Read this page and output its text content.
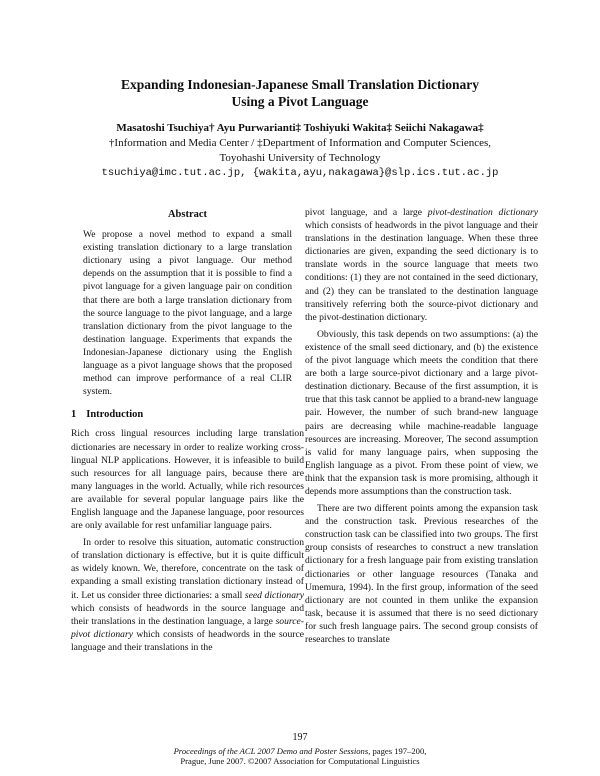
Expanding Indonesian-Japanese Small Translation Dictionary
Using a Pivot Language
Masatoshi Tsuchiya† Ayu Purwarianti‡ Toshiyuki Wakita‡ Seiichi Nakagawa‡
†Information and Media Center / ‡Department of Information and Computer Sciences,
Toyohashi University of Technology
tsuchiya@imc.tut.ac.jp, {wakita,ayu,nakagawa}@slp.ics.tut.ac.jp
Abstract

We propose a novel method to expand a small existing translation dictionary to a large translation dictionary using a pivot language. Our method depends on the assumption that it is possible to find a pivot language for a given language pair on condition that there are both a large translation dictionary from the source language to the pivot language, and a large translation dictionary from the pivot language to the destination language. Experiments that expands the Indonesian-Japanese dictionary using the English language as a pivot language shows that the proposed method can improve performance of a real CLIR system.

1 Introduction

Rich cross lingual resources including large translation dictionaries are necessary in order to realize working cross-lingual NLP applications. However, it is infeasible to build such resources for all language pairs, because there are many languages in the world. Actually, while rich resources are available for several popular language pairs like the English language and the Japanese language, poor resources are only available for rest unfamiliar language pairs.

In order to resolve this situation, automatic construction of translation dictionary is effective, but it is quite difficult as widely known. We, therefore, concentrate on the task of expanding a small existing translation dictionary instead of it. Let us consider three dictionaries: a small seed dictionary which consists of headwords in the source language and their translations in the destination language, a large source-pivot dictionary which consists of headwords in the source language and their translations in the

pivot language, and a large pivot-destination dictionary which consists of headwords in the pivot language and their translations in the destination language. When these three dictionaries are given, expanding the seed dictionary is to translate words in the source language that meets two conditions: (1) they are not contained in the seed dictionary, and (2) they can be translated to the destination language transitively referring both the source-pivot dictionary and the pivot-destination dictionary.

Obviously, this task depends on two assumptions: (a) the existence of the small seed dictionary, and (b) the existence of the pivot language which meets the condition that there are both a large source-pivot dictionary and a large pivot-destination dictionary. Because of the first assumption, it is true that this task cannot be applied to a brand-new language pair. However, the number of such brand-new language pairs are decreasing while machine-readable language resources are increasing. Moreover, The second assumption is valid for many language pairs, when supposing the English language as a pivot. From these point of view, we think that the expansion task is more promising, although it depends more assumptions than the construction task.

There are two different points among the expansion task and the construction task. Previous researches of the construction task can be classified into two groups. The first group consists of researches to construct a new translation dictionary for a fresh language pair from existing translation dictionaries or other language resources (Tanaka and Umemura, 1994). In the first group, information of the seed dictionary are not counted in them unlike the expansion task, because it is assumed that there is no seed dictionary for such fresh language pairs. The second group consists of researches to translate

197
Proceedings of the ACL 2007 Demo and Poster Sessions, pages 197–200,
Prague, June 2007. ©2007 Association for Computational Linguistics
